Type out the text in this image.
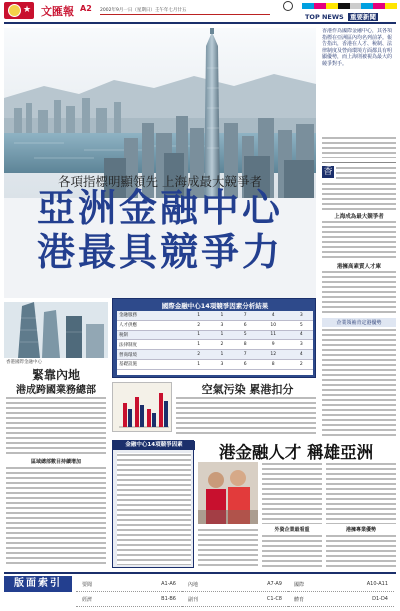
★ 文匯報 A2 2002年9月一日（星期日）壬午年七月廿五
TOP NEWS 重要新聞
各項指標明顯領先 上海成最大競爭者
亞洲金融中心
港最具競爭力
香港作為國際金融中心，其各項指標在亞洲區內均名列前茅。報告指出，香港在人才、稅制、法律制度及營商環境方面都具有明顯優勢，而上海則被視為最大的競爭對手。
香
上海成為最大競爭者
港擁高素質人才庫
企業領袖肯定港優勢
國際金融中心14項競爭因素分析結果
金融服務	1	1	7	4	3
人才供應	2	3	6	10	5
稅制	1	1	5	11	4
法律制度	1	2	8	9	3
營商環境	2	1	7	12	4
基礎設施	1	3	6	8	2
香港國際金融中心
緊靠內地
港成跨國業務總部
區域總部數目持續增加
空氣污染 累港扣分
金融中心14項競爭因素	港金融人才 稱雄亞洲
外資企業最看重	港擁專業優勢
版面索引	要聞	A1-A6 內地	A7-A9 國際	A10-A11
經濟	B1-B6 副刊	C1-C8 體育	D1-D4
